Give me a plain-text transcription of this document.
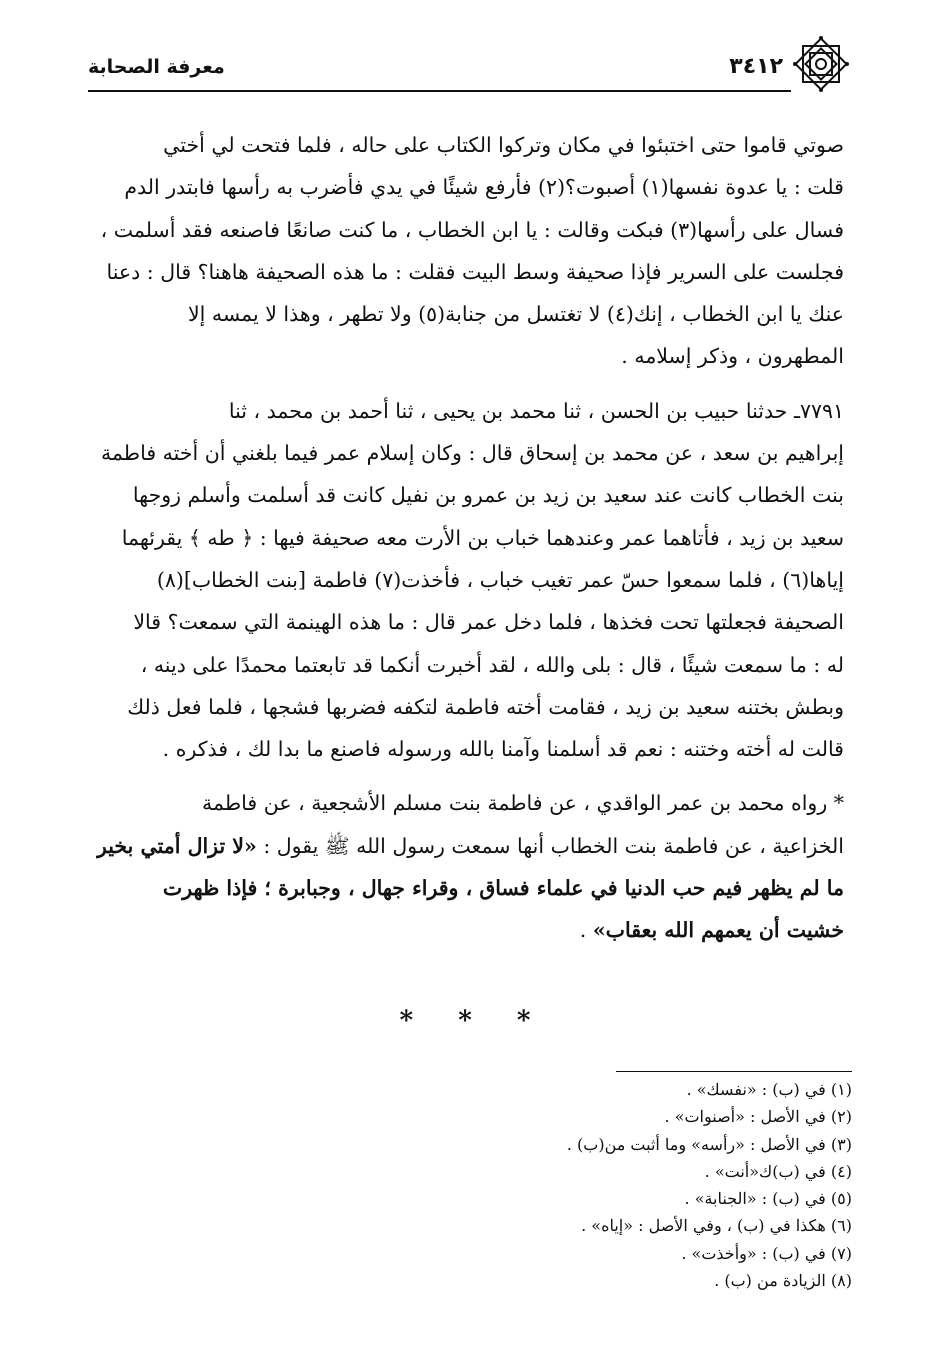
معرفة الصحابة	٣٤١٢

صوتي قاموا حتى اختبئوا في مكان وتركوا الكتاب على حاله ، فلما فتحت لي أختي
قلت : يا عدوة نفسها(١) أصبوت؟(٢) فأرفع شيئًا في يدي فأضرب به رأسها فابتدر الدم
فسال على رأسها(٣) فبكت وقالت : يا ابن الخطاب ، ما كنت صانعًا فاصنعه فقد أسلمت ،
فجلست على السرير فإذا صحيفة وسط البيت فقلت : ما هذه الصحيفة هاهنا؟ قال : دعنا
عنك يا ابن الخطاب ، إنك(٤) لا تغتسل من جنابة(٥) ولا تطهر ، وهذا لا يمسه إلا
المطهرون ، وذكر إسلامه .

٧٧٩١ـ حدثنا حبيب بن الحسن ، ثنا محمد بن يحيى ، ثنا أحمد بن محمد ، ثنا
إبراهيم بن سعد ، عن محمد بن إسحاق قال : وكان إسلام عمر فيما بلغني أن أخته فاطمة
بنت الخطاب كانت عند سعيد بن زيد بن عمرو بن نفيل كانت قد أسلمت وأسلم زوجها
سعيد بن زيد ، فأتاهما عمر وعندهما خباب بن الأرت معه صحيفة فيها : ﴿ طه ﴾ يقرئهما
إياها(٦) ، فلما سمعوا حسّ عمر تغيب خباب ، فأخذت(٧) فاطمة [بنت الخطاب](٨)
الصحيفة فجعلتها تحت فخذها ، فلما دخل عمر قال : ما هذه الهينمة التي سمعت؟ قالا
له : ما سمعت شيئًا ، قال : بلى والله ، لقد أخبرت أنكما قد تابعتما محمدًا على دينه ،
وبطش بختنه سعيد بن زيد ، فقامت أخته فاطمة لتكفه فضربها فشجها ، فلما فعل ذلك
قالت له أخته وختنه : نعم قد أسلمنا وآمنا بالله ورسوله فاصنع ما بدا لك ، فذكره .

* رواه محمد بن عمر الواقدي ، عن فاطمة بنت مسلم الأشجعية ، عن فاطمة
الخزاعية ، عن فاطمة بنت الخطاب أنها سمعت رسول الله ﷺ يقول : «لا تزال أمتي بخير
ما لم يظهر فيم حب الدنيا في علماء فساق ، وقراء جهال ، وجبابرة ؛ فإذا ظهرت
خشيت أن يعمهم الله بعقاب» .

* * *
(١) في (ب) : «نفسك» .
(٢) في الأصل : «أصنوات» .
(٣) في الأصل : «رأسه» وما أثبت من(ب) .
(٤) في (ب)ك«أنت» .
(٥) في (ب) : «الجنابة» .
(٦) هكذا في (ب) ، وفي الأصل : «إياه» .
(٧) في (ب) : «وأخذت» .
(٨) الزيادة من (ب) .
